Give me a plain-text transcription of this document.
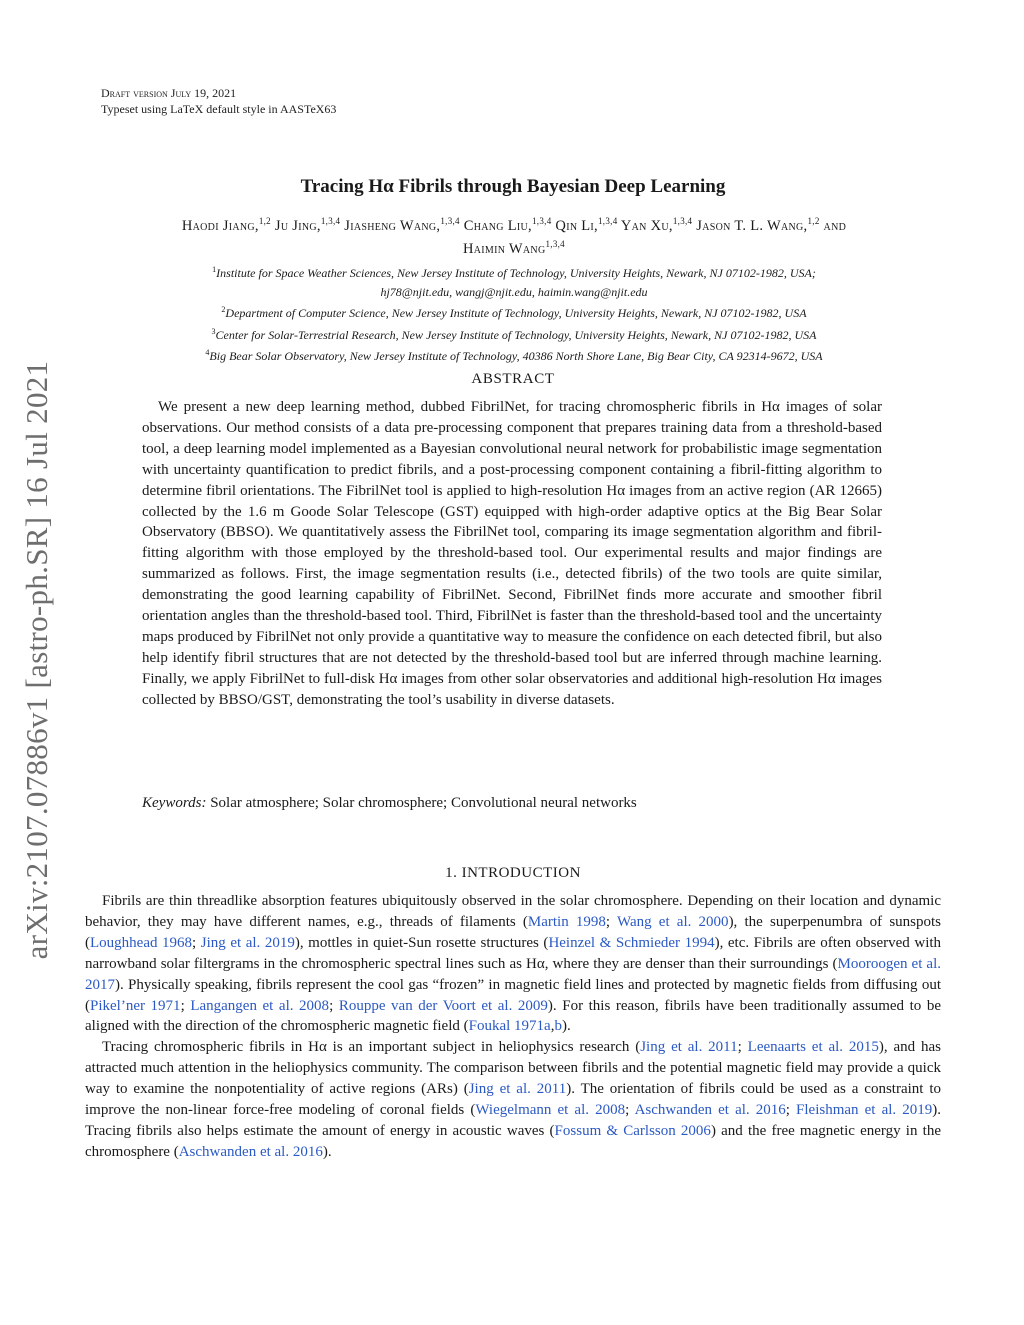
arXiv:2107.07886v1 [astro-ph.SR] 16 Jul 2021
Draft version July 19, 2021
Typeset using LaTeX default style in AASTeX63
Tracing Hα Fibrils through Bayesian Deep Learning
Haodi Jiang,$^{1,2}$ Ju Jing,$^{1,3,4}$ Jiasheng Wang,$^{1,3,4}$ Chang Liu,$^{1,3,4}$ Qin Li,$^{1,3,4}$ Yan Xu,$^{1,3,4}$ Jason T. L. Wang,$^{1,2}$ and
Haimin Wang$^{1,3,4}$
$^1$Institute for Space Weather Sciences, New Jersey Institute of Technology, University Heights, Newark, NJ 07102-1982, USA;
hj78@njit.edu, wangj@njit.edu, haimin.wang@njit.edu
$^2$Department of Computer Science, New Jersey Institute of Technology, University Heights, Newark, NJ 07102-1982, USA
$^3$Center for Solar-Terrestrial Research, New Jersey Institute of Technology, University Heights, Newark, NJ 07102-1982, USA
$^4$Big Bear Solar Observatory, New Jersey Institute of Technology, 40386 North Shore Lane, Big Bear City, CA 92314-9672, USA
ABSTRACT

We present a new deep learning method, dubbed FibrilNet, for tracing chromospheric fibrils in Hα images of solar observations. Our method consists of a data pre-processing component that prepares training data from a threshold-based tool, a deep learning model implemented as a Bayesian convolutional neural network for probabilistic image segmentation with uncertainty quantification to predict fibrils, and a post-processing component containing a fibril-fitting algorithm to determine fibril orientations. The FibrilNet tool is applied to high-resolution Hα images from an active region (AR 12665) collected by the 1.6 m Goode Solar Telescope (GST) equipped with high-order adaptive optics at the Big Bear Solar Observatory (BBSO). We quantitatively assess the FibrilNet tool, comparing its image segmentation algorithm and fibril-fitting algorithm with those employed by the threshold-based tool. Our experimental results and major findings are summarized as follows. First, the image segmentation results (i.e., detected fibrils) of the two tools are quite similar, demonstrating the good learning capability of FibrilNet. Second, FibrilNet finds more accurate and smoother fibril orientation angles than the threshold-based tool. Third, FibrilNet is faster than the threshold-based tool and the uncertainty maps produced by FibrilNet not only provide a quantitative way to measure the confidence on each detected fibril, but also help identify fibril structures that are not detected by the threshold-based tool but are inferred through machine learning. Finally, we apply FibrilNet to full-disk Hα images from other solar observatories and additional high-resolution Hα images collected by BBSO/GST, demonstrating the tool’s usability in diverse datasets.

Keywords: Solar atmosphere; Solar chromosphere; Convolutional neural networks
1. INTRODUCTION

Fibrils are thin threadlike absorption features ubiquitously observed in the solar chromosphere. Depending on their location and dynamic behavior, they may have different names, e.g., threads of filaments (Martin 1998; Wang et al. 2000), the superpenumbra of sunspots (Loughhead 1968; Jing et al. 2019), mottles in quiet-Sun rosette structures (Heinzel & Schmieder 1994), etc. Fibrils are often observed with narrowband solar filtergrams in the chromospheric spectral lines such as Hα, where they are denser than their surroundings (Mooroogen et al. 2017). Physically speaking, fibrils represent the cool gas “frozen” in magnetic field lines and protected by magnetic fields from diffusing out (Pikel’ner 1971; Langangen et al. 2008; Rouppe van der Voort et al. 2009). For this reason, fibrils have been traditionally assumed to be aligned with the direction of the chromospheric magnetic field (Foukal 1971a,b).

Tracing chromospheric fibrils in Hα is an important subject in heliophysics research (Jing et al. 2011; Leenaarts et al. 2015), and has attracted much attention in the heliophysics community. The comparison between fibrils and the potential magnetic field may provide a quick way to examine the nonpotentiality of active regions (ARs) (Jing et al. 2011). The orientation of fibrils could be used as a constraint to improve the non-linear force-free modeling of coronal fields (Wiegelmann et al. 2008; Aschwanden et al. 2016; Fleishman et al. 2019). Tracing fibrils also helps estimate the amount of energy in acoustic waves (Fossum & Carlsson 2006) and the free magnetic energy in the chromosphere (Aschwanden et al. 2016).
